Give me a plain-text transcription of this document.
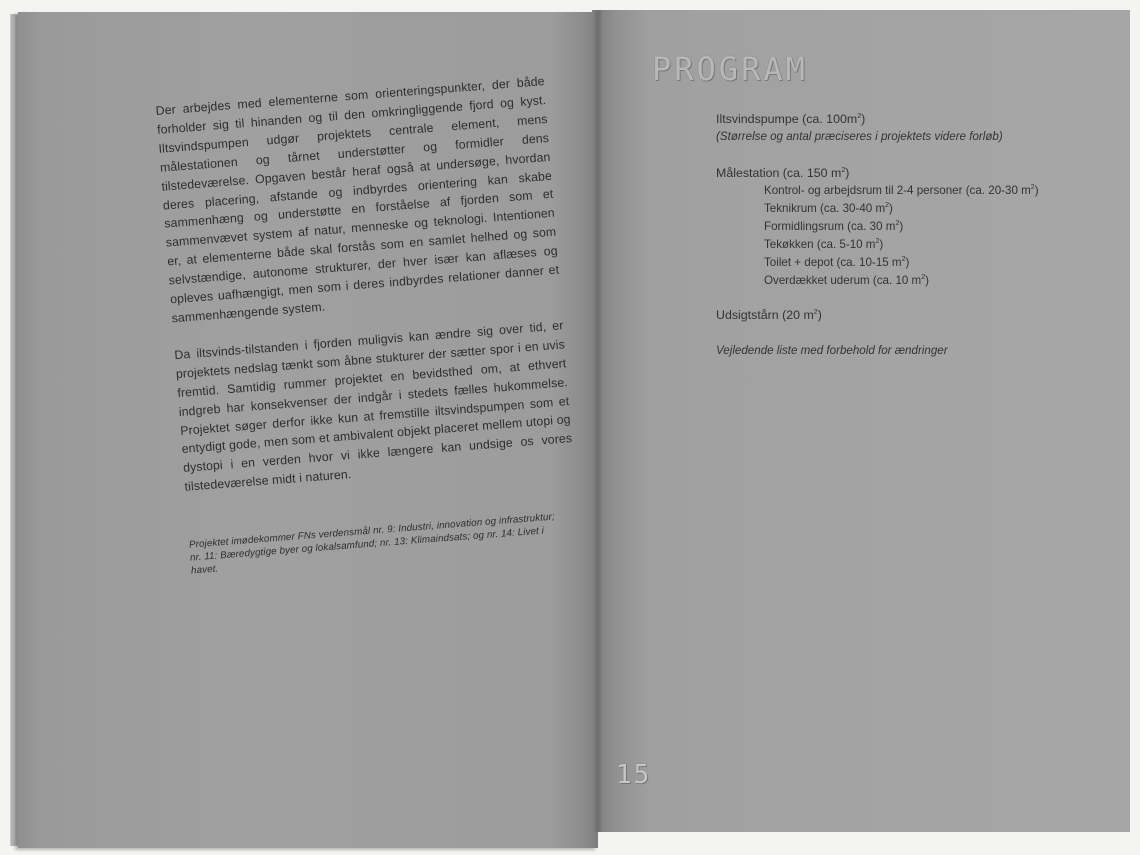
Der arbejdes med elementerne som orienteringspunkter, der både forholder sig til hinanden og til den omkringliggende fjord og kyst. Iltsvindspumpen udgør projektets centrale element, mens målestationen og tårnet understøtter og formidler dens tilstedeværelse. Opgaven består heraf også at undersøge, hvordan deres placering, afstande og indbyrdes orientering kan skabe sammenhæng og understøtte en forståelse af fjorden som et sammenvævet system af natur, menneske og teknologi. Intentionen er, at elementerne både skal forstås som en samlet helhed og som selvstændige, autonome strukturer, der hver især kan aflæses og opleves uafhængigt, men som i deres indbyrdes relationer danner et sammenhængende system.

Da iltsvinds-tilstanden i fjorden muligvis kan ændre sig over tid, er projektets nedslag tænkt som åbne stukturer der sætter spor i en uvis fremtid. Samtidig rummer projektet en bevidsthed om, at ethvert indgreb har konsekvenser der indgår i stedets fælles hukommelse. Projektet søger derfor ikke kun at fremstille iltsvindspumpen som et entydigt gode, men som et ambivalent objekt placeret mellem utopi og dystopi i en verden hvor vi ikke længere kan undsige os vores tilstedeværelse midt i naturen.

Projektet imødekommer FNs verdensmål nr. 9: Industri, innovation og infrastruktur; nr. 11: Bæredygtige byer og lokalsamfund; nr. 13: Klimaindsats; og nr. 14: Livet i havet.

PROGRAM
Iltsvindspumpe (ca. $100m^2$)
(Størrelse og antal præciseres i projektets videre forløb)
Målestation (ca. 150 $m^2$)
Kontrol- og arbejdsrum til 2-4 personer (ca. 20-30 $m^2$)
Teknikrum (ca. 30-40 $m^2$)
Formidlingsrum (ca. 30 $m^2$)
Tekøkken (ca. 5-10 $m^2$)
Toilet + depot (ca. 10-15 $m^2$)
Overdækket uderum (ca. 10 $m^2$)
Udsigtstårn (20 $m^2$)
Vejledende liste med forbehold for ændringer
15
